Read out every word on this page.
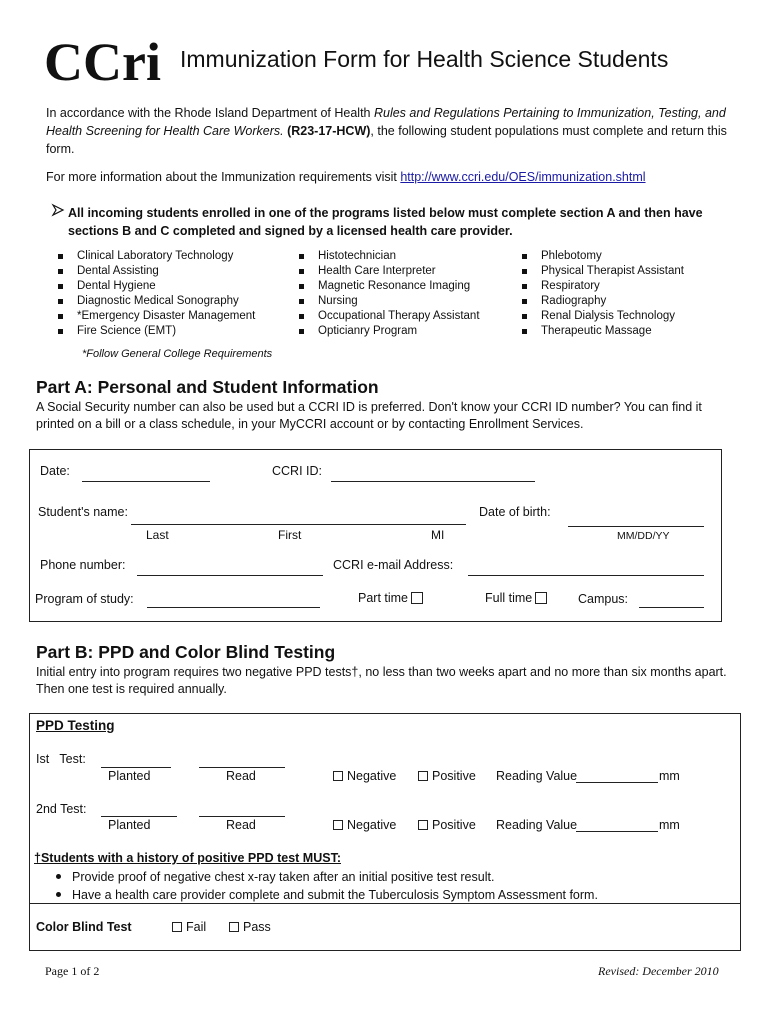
CCri Immunization Form for Health Science Students
In accordance with the Rhode Island Department of Health Rules and Regulations Pertaining to Immunization, Testing, and Health Screening for Health Care Workers. (R23-17-HCW), the following student populations must complete and return this form.
For more information about the Immunization requirements visit http://www.ccri.edu/OES/immunization.shtml
All incoming students enrolled in one of the programs listed below must complete section A and then have sections B and C completed and signed by a licensed health care provider.
Clinical Laboratory Technology
Dental Assisting
Dental Hygiene
Diagnostic Medical Sonography
*Emergency Disaster Management
Fire Science (EMT)
Histotechnician
Health Care Interpreter
Magnetic Resonance Imaging
Nursing
Occupational Therapy Assistant
Opticianry Program
Phlebotomy
Physical Therapist Assistant
Respiratory
Radiography
Renal Dialysis Technology
Therapeutic Massage
*Follow General College Requirements
Part A: Personal and Student Information
A Social Security number can also be used but a CCRI ID is preferred. Don't know your CCRI ID number? You can find it printed on a bill or a class schedule, in your MyCCRI account or by contacting Enrollment Services.
Date:	CCRI ID:
Student's name:
Last	First	MI
Date of birth:
MM/DD/YY
Phone number:	CCRI e-mail Address:
Program of study:	Part time	Full time	Campus:
Part B: PPD and Color Blind Testing
Initial entry into program requires two negative PPD tests†, no less than two weeks apart and no more than six months apart. Then one test is required annually.
PPD Testing
Ist   Test:
Planted	Read	Negative	Positive Reading Value	mm
2nd Test:
Planted	Read	Negative	Positive Reading Value	mm
†Students with a history of positive PPD test MUST:
Provide proof of negative chest x-ray taken after an initial positive test result.
Have a health care provider complete and submit the Tuberculosis Symptom Assessment form.
Color Blind Test	Fail	Pass
Page 1 of 2	Revised: December 2010
